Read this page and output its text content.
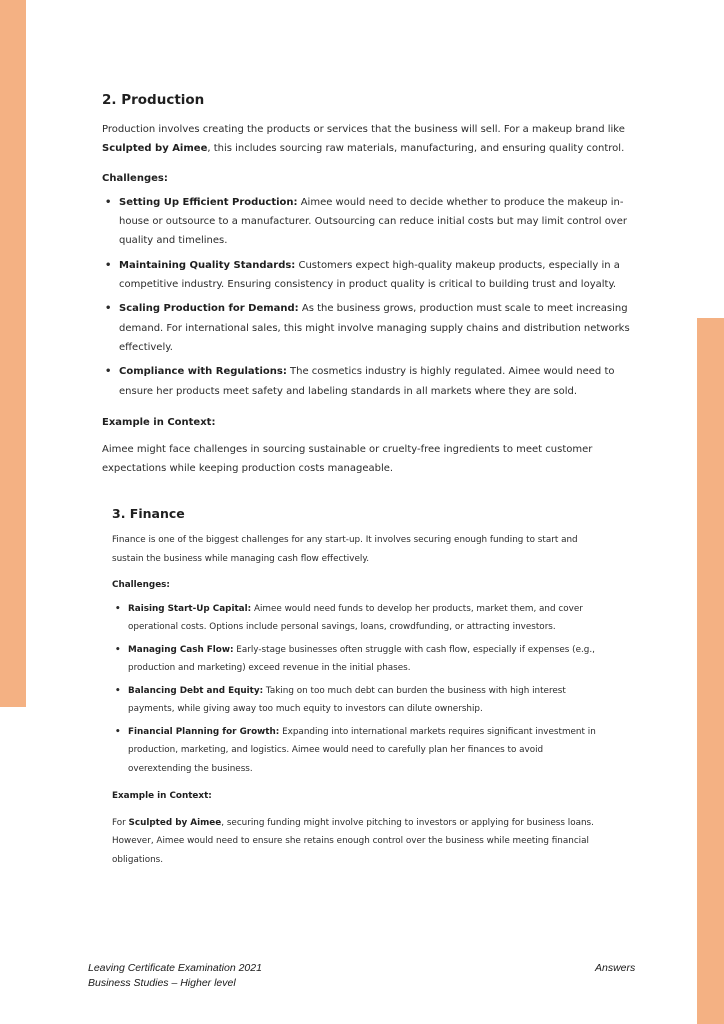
2. Production

Production involves creating the products or services that the business will sell. For a makeup brand like
Sculpted by Aimee, this includes sourcing raw materials, manufacturing, and ensuring quality control.

Challenges:

• Setting Up Efficient Production: Aimee would need to decide whether to produce the makeup in-house or outsource to a manufacturer. Outsourcing can reduce initial costs but may limit control over quality and timelines.
• Maintaining Quality Standards: Customers expect high-quality makeup products, especially in a competitive industry. Ensuring consistency in product quality is critical to building trust and loyalty.
• Scaling Production for Demand: As the business grows, production must scale to meet increasing demand. For international sales, this might involve managing supply chains and distribution networks effectively.
• Compliance with Regulations: The cosmetics industry is highly regulated. Aimee would need to ensure her products meet safety and labeling standards in all markets where they are sold.

Example in Context:

Aimee might face challenges in sourcing sustainable or cruelty-free ingredients to meet customer expectations while keeping production costs manageable.

3. Finance

Finance is one of the biggest challenges for any start-up. It involves securing enough funding to start and sustain the business while managing cash flow effectively.

Challenges:

• Raising Start-Up Capital: Aimee would need funds to develop her products, market them, and cover operational costs. Options include personal savings, loans, crowdfunding, or attracting investors.
• Managing Cash Flow: Early-stage businesses often struggle with cash flow, especially if expenses (e.g., production and marketing) exceed revenue in the initial phases.
• Balancing Debt and Equity: Taking on too much debt can burden the business with high interest payments, while giving away too much equity to investors can dilute ownership.
• Financial Planning for Growth: Expanding into international markets requires significant investment in production, marketing, and logistics. Aimee would need to carefully plan her finances to avoid overextending the business.

Example in Context:

For Sculpted by Aimee, securing funding might involve pitching to investors or applying for business loans. However, Aimee would need to ensure she retains enough control over the business while meeting financial obligations.

Leaving Certificate Examination 2021
Business Studies – Higher level
Answers
